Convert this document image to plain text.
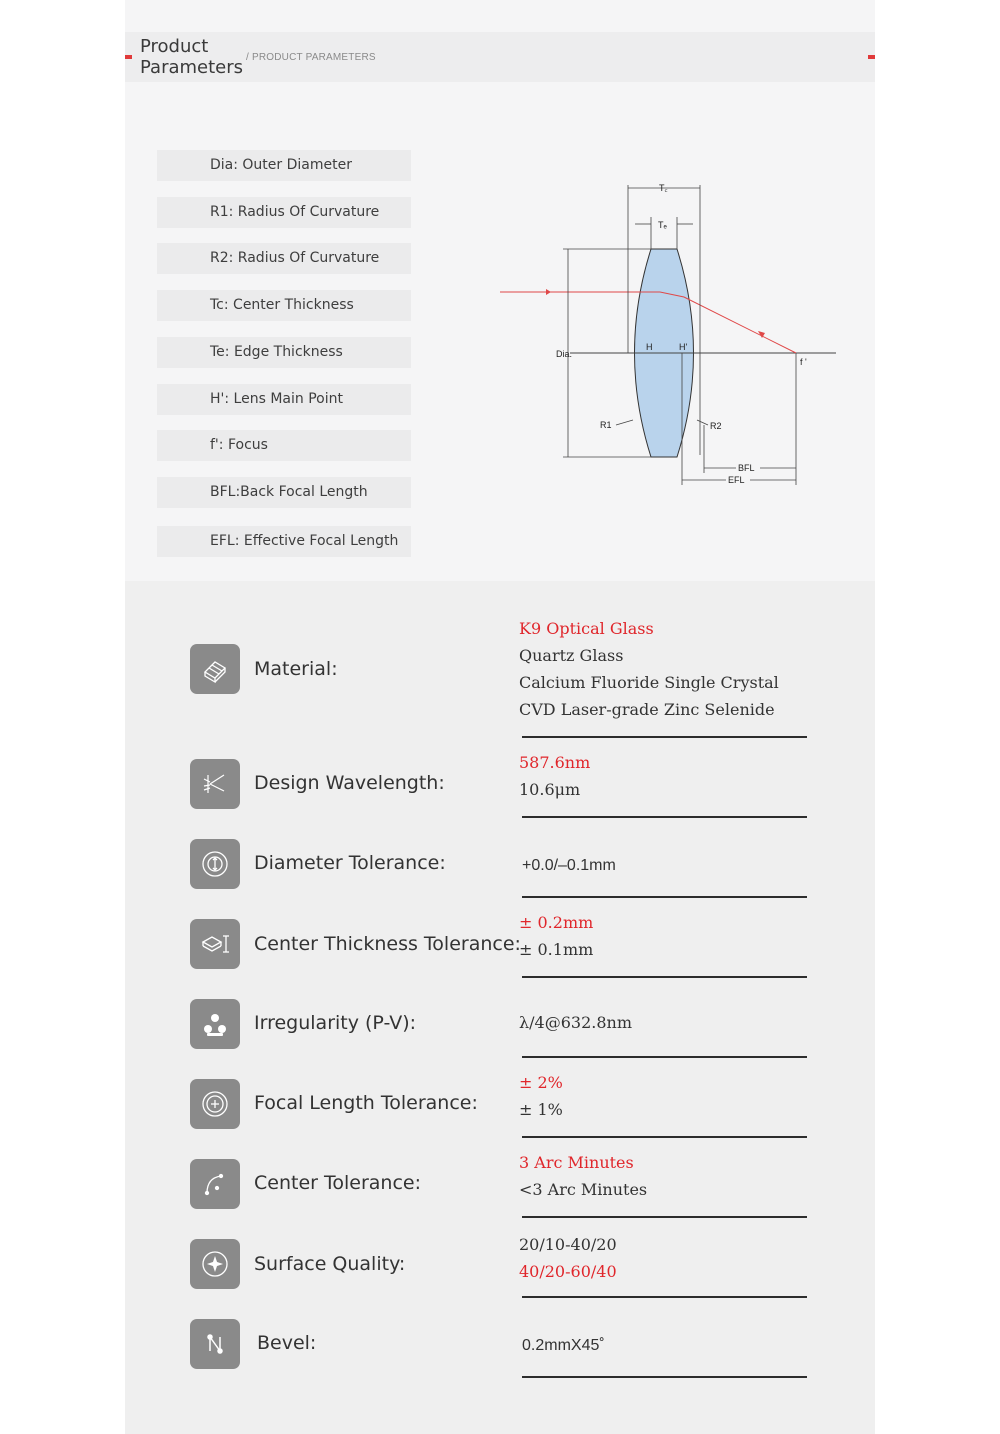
Product
Parameters / PRODUCT PARAMETERS
Dia: Outer Diameter
R1: Radius Of Curvature
R2: Radius Of Curvature
Tc: Center Thickness
Te: Edge Thickness
H': Lens Main Point
f': Focus
BFL:Back Focal Length
EFL: Effective Focal Length
T꜀
Tₑ
Dia.
H	H'
f '
R1	R2
BFL
EFL
Material:
K9 Optical Glass
Quartz Glass
Calcium Fluoride Single Crystal
CVD Laser-grade Zinc Selenide
Design Wavelength:
587.6nm
10.6μm
Diameter Tolerance:	+0.0/–0.1mm
Center Thickness Tolerance:
± 0.2mm
± 0.1mm
Irregularity (P-V):	λ/4@632.8nm
Focal Length Tolerance:
± 2%
± 1%
Center Tolerance:
3 Arc Minutes
<3 Arc Minutes
Surface Quality:
20/10-40/20
40/20-60/40
Bevel:	0.2mmX45˚
